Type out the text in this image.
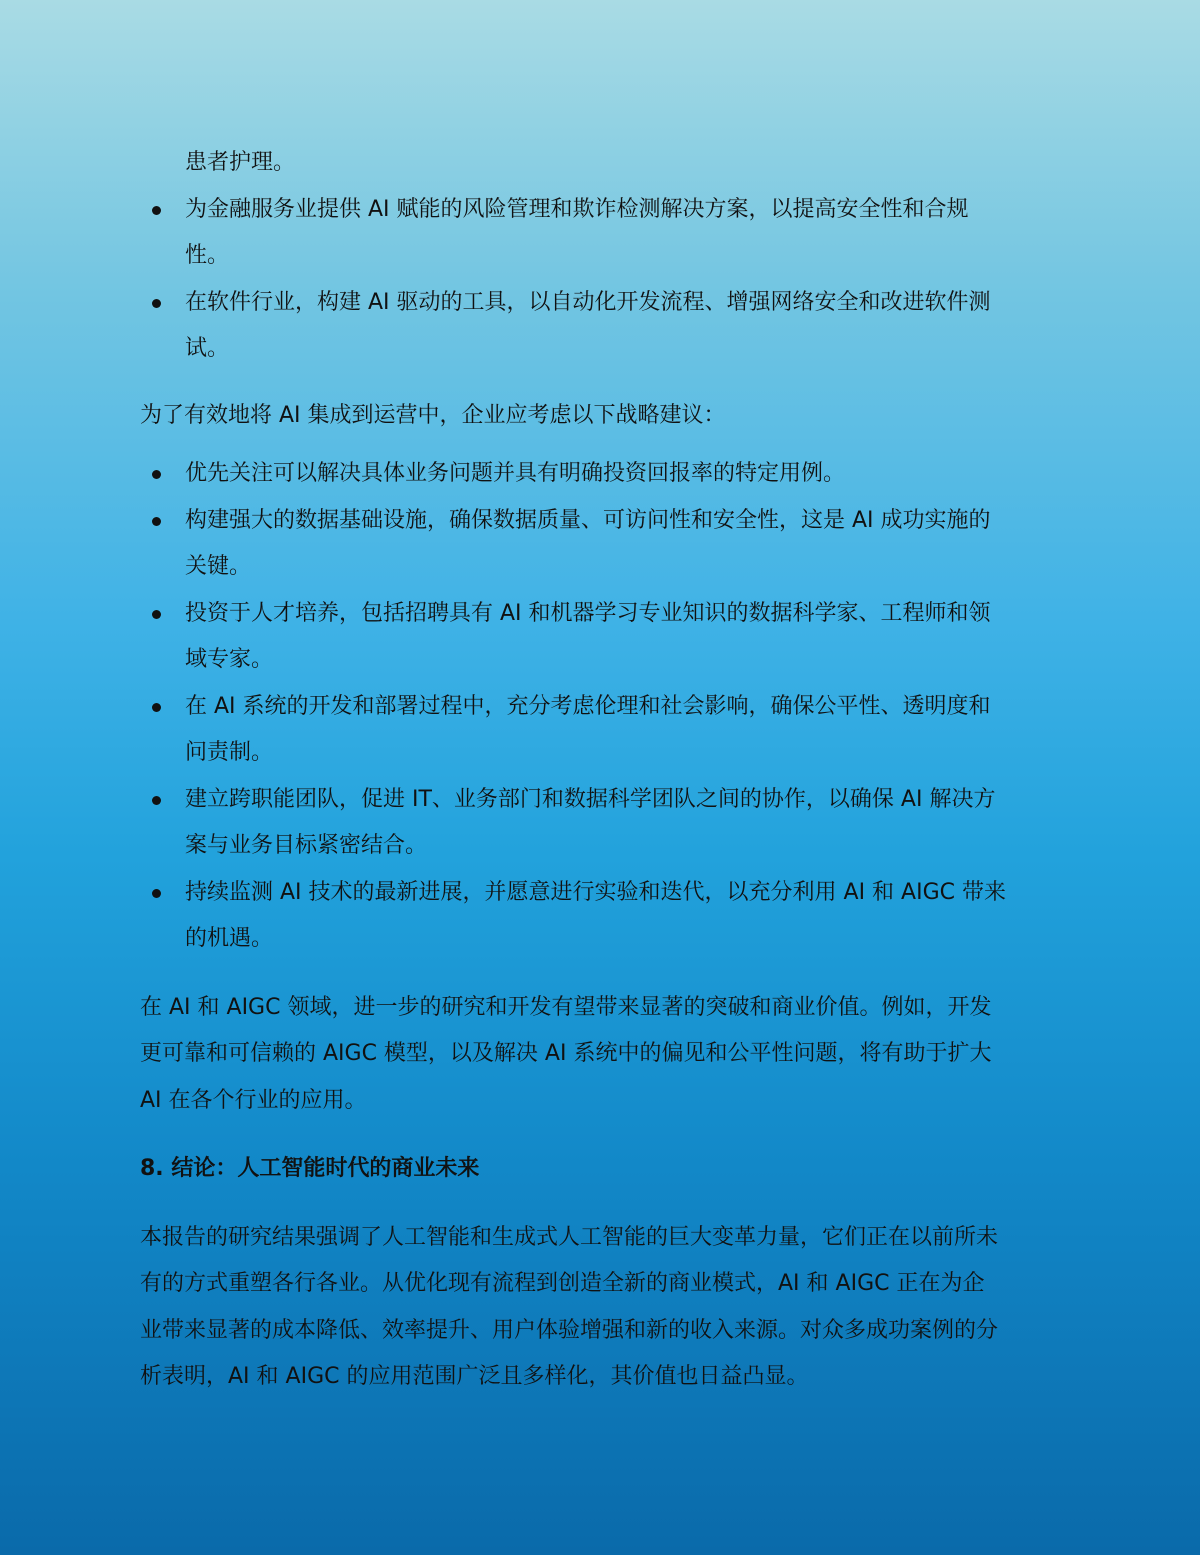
患者护理。
为金融服务业提供 AI 赋能的风险管理和欺诈检测解决方案，以提高安全性和合规
性。
在软件行业，构建 AI 驱动的工具，以自动化开发流程、增强网络安全和改进软件测
试。
为了有效地将 AI 集成到运营中，企业应考虑以下战略建议：
优先关注可以解决具体业务问题并具有明确投资回报率的特定用例。
构建强大的数据基础设施，确保数据质量、可访问性和安全性，这是 AI 成功实施的
关键。
投资于人才培养，包括招聘具有 AI 和机器学习专业知识的数据科学家、工程师和领
域专家。
在 AI 系统的开发和部署过程中，充分考虑伦理和社会影响，确保公平性、透明度和
问责制。
建立跨职能团队，促进 IT、业务部门和数据科学团队之间的协作，以确保 AI 解决方
案与业务目标紧密结合。
持续监测 AI 技术的最新进展，并愿意进行实验和迭代，以充分利用 AI 和 AIGC 带来
的机遇。
在 AI 和 AIGC 领域，进一步的研究和开发有望带来显著的突破和商业价值。例如，开发
更可靠和可信赖的 AIGC 模型，以及解决 AI 系统中的偏见和公平性问题，将有助于扩大
AI 在各个行业的应用。
8. 结论：人工智能时代的商业未来
本报告的研究结果强调了人工智能和生成式人工智能的巨大变革力量，它们正在以前所未
有的方式重塑各行各业。从优化现有流程到创造全新的商业模式，AI 和 AIGC 正在为企
业带来显著的成本降低、效率提升、用户体验增强和新的收入来源。对众多成功案例的分
析表明，AI 和 AIGC 的应用范围广泛且多样化，其价值也日益凸显。
